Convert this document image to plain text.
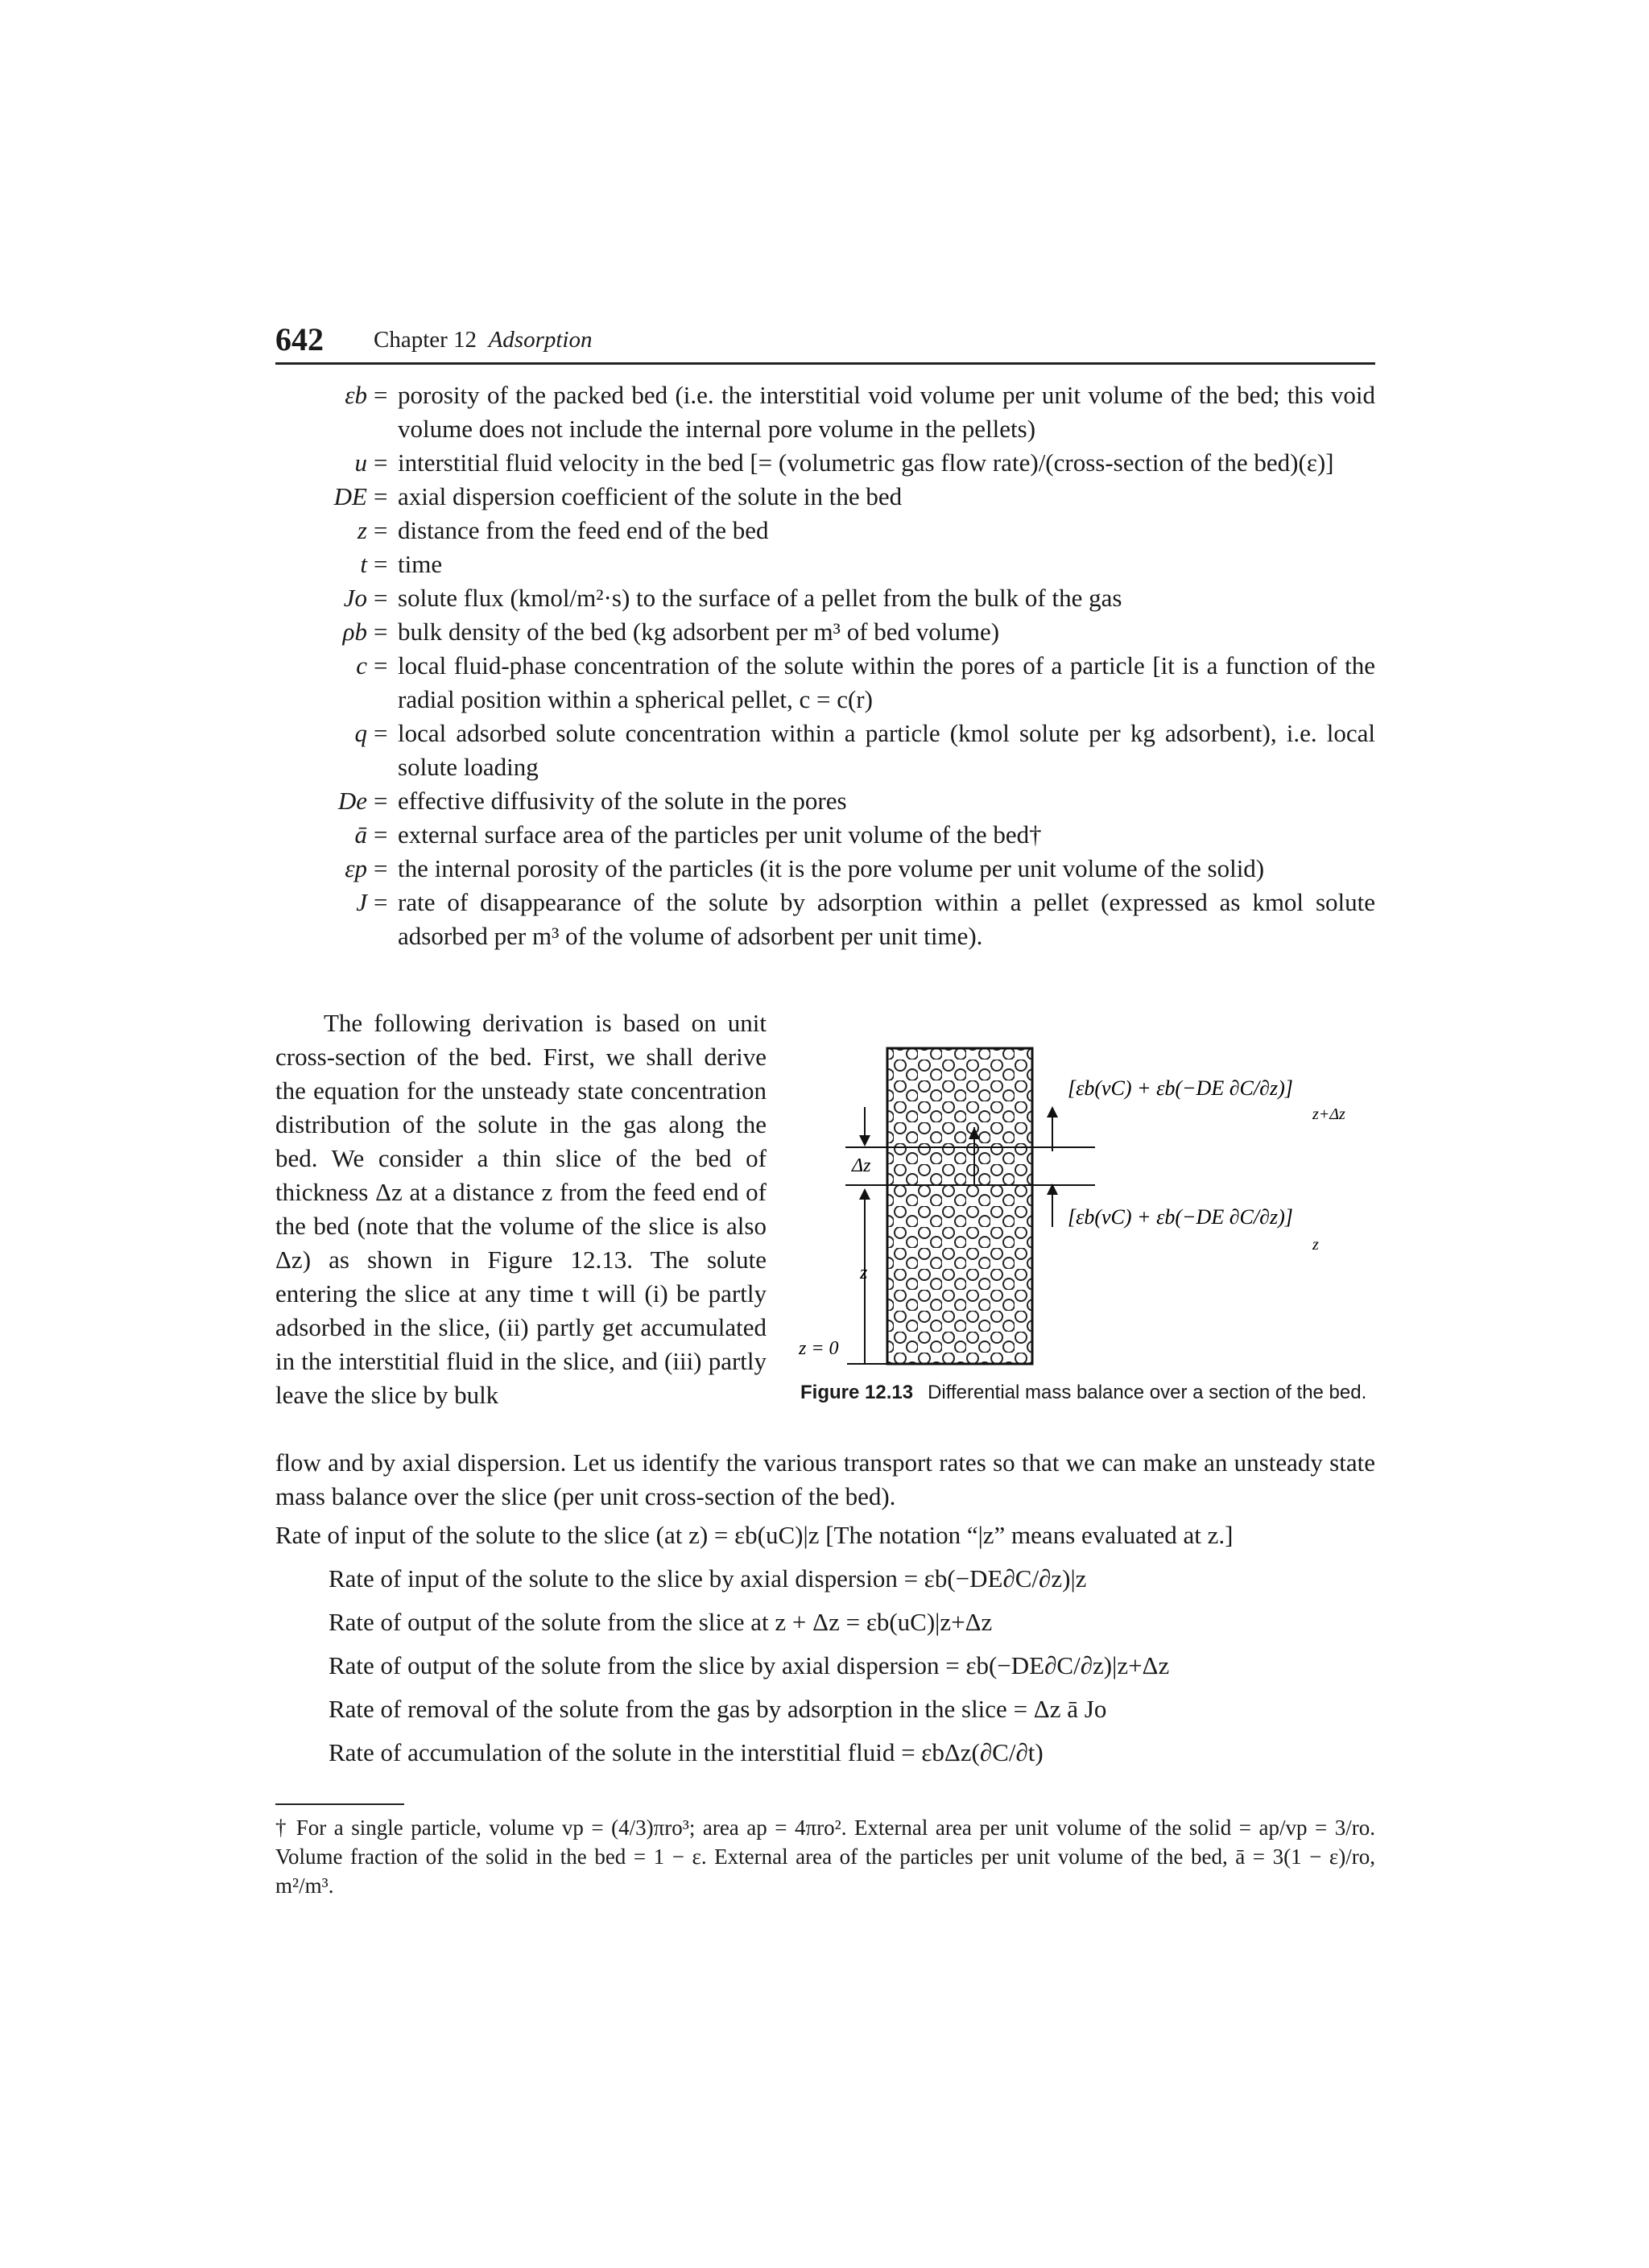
642 Chapter 12 Adsorption
εb = porosity of the packed bed (i.e. the interstitial void volume per unit volume of the bed; this void volume does not include the internal pore volume in the pellets)
u = interstitial fluid velocity in the bed [= (volumetric gas flow rate)/(cross-section of the bed)(ε)]
DE = axial dispersion coefficient of the solute in the bed
z = distance from the feed end of the bed
t = time
Jo = solute flux (kmol/m²·s) to the surface of a pellet from the bulk of the gas
ρb = bulk density of the bed (kg adsorbent per m³ of bed volume)
c = local fluid-phase concentration of the solute within the pores of a particle [it is a function of the radial position within a spherical pellet, c = c(r)
q = local adsorbed solute concentration within a particle (kmol solute per kg adsorbent), i.e. local solute loading
De = effective diffusivity of the solute in the pores
ā = external surface area of the particles per unit volume of the bed†
εp = the internal porosity of the particles (it is the pore volume per unit volume of the solid)
J = rate of disappearance of the solute by adsorption within a pellet (expressed as kmol solute adsorbed per m³ of the volume of adsorbent per unit time).

The following derivation is based on unit cross-section of the bed. First, we shall derive the equation for the unsteady state concentration distribution of the solute in the gas along the bed. We consider a thin slice of the bed of thickness Δz at a distance z from the feed end of the bed (note that the volume of the slice is also Δz) as shown in Figure 12.13. The solute entering the slice at any time t will (i) be partly adsorbed in the slice, (ii) partly get accumulated in the interstitial fluid in the slice, and (iii) partly leave the slice by bulk

Δz
z
z = 0
[εb(vC) + εb(−DE ∂C/∂z)]
z+Δz
[εb(vC) + εb(−DE ∂C/∂z)]
z
Figure 12.13 Differential mass balance over a section of the bed.

flow and by axial dispersion. Let us identify the various transport rates so that we can make an unsteady state mass balance over the slice (per unit cross-section of the bed).

Rate of input of the solute to the slice (at z) = εb(uC)|z [The notation “|z” means evaluated at z.]
Rate of input of the solute to the slice by axial dispersion = εb(−DE∂C/∂z)|z
Rate of output of the solute from the slice at z + Δz = εb(uC)|z+Δz
Rate of output of the solute from the slice by axial dispersion = εb(−DE∂C/∂z)|z+Δz
Rate of removal of the solute from the gas by adsorption in the slice = Δz ā Jo
Rate of accumulation of the solute in the interstitial fluid = εbΔz(∂C/∂t)
† For a single particle, volume vp = (4/3)πro³; area ap = 4πro². External area per unit volume of the solid = ap/vp = 3/ro. Volume fraction of the solid in the bed = 1 − ε. External area of the particles per unit volume of the bed, ā = 3(1 − ε)/ro, m²/m³.
